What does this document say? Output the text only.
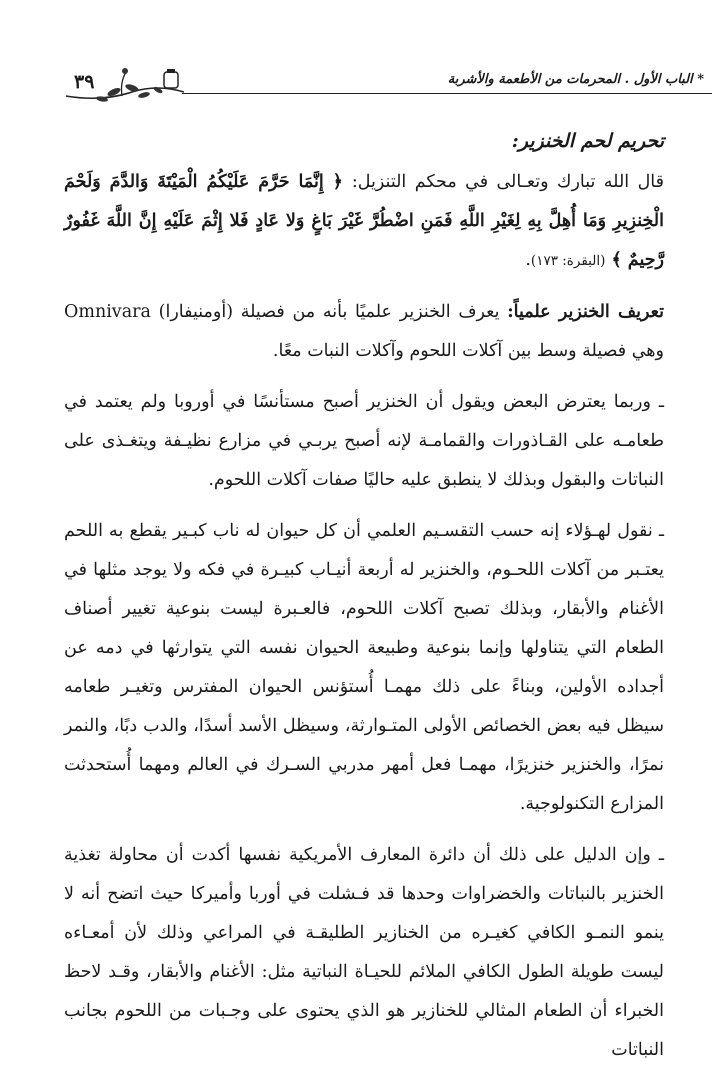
* الباب الأول . المحرمات من الأطعمة والأشربة
٣٩
تحريم لحم الخنزير:

قال الله تبارك وتعـالى في محكم التنزيل: ﴿ إِنَّمَا حَرَّمَ عَلَيْكُمُ الْمَيْتَةَ وَالدَّمَ وَلَحْمَ الْخِنزِيرِ وَمَا أُهِلَّ بِهِ لِغَيْرِ اللَّهِ فَمَنِ اضْطُرَّ غَيْرَ بَاغٍ وَلا عَادٍ فَلا إِثْمَ عَلَيْهِ إِنَّ اللَّهَ غَفُورٌ رَّحِيمٌ ﴾ (البقرة: ١٧٣).

تعريف الخنزير علمياً: يعرف الخنزير علميًا بأنه من فصيلة (أومنيفارا) Omnivara وهي فصيلة وسط بين آكلات اللحوم وآكلات النبات معًا.

ـ وربما يعترض البعض ويقول أن الخنزير أصبح مستأنسًا في أوروبا ولم يعتمد في طعامـه على القـاذورات والقمامـة لإنه أصبح يربـي في مزارع نظيـفة ويتغـذى على النباتات والبقول وبذلك لا ينطبق عليه حاليًا صفات آكلات اللحوم.

ـ نقول لهـؤلاء إنه حسب التقسـيم العلمي أن كل حيوان له ناب كبـير يقطع به اللحم يعتـبر من آكلات اللحـوم، والخنزير له أربعة أنيـاب كبيـرة في فكه ولا يوجد مثلها في الأغنام والأبقار، وبذلك تصبح آكلات اللحوم، فالعـبرة ليست بنوعية تغيير أصناف الطعام التي يتناولها وإنما بنوعية وطبيعة الحيوان نفسه التي يتوارثها في دمه عن أجداده الأولين، وبناءً على ذلك مهمـا أُستؤنس الحيوان المفترس وتغيـر طعامه سيظل فيه بعض الخصائص الأولى المتـوارثة، وسيظل الأسد أسدًا، والدب دبًا، والنمر نمرًا، والخنزير خنزيرًا، مهمـا فعل أمهر مدربي السـرك في العالم ومهما أُستحدثت المزارع التكنولوجية.

ـ وإن الدليل على ذلك أن دائرة المعارف الأمريكية نفسها أكدت أن محاولة تغذية الخنزير بالنباتات والخضراوات وحدها قد فـشلت في أوربا وأميركا حيث اتضح أنه لا ينمو النمـو الكافي كغيـره من الخنازير الطليقـة في المراعي وذلك لأن أمعـاءه ليست طويلة الطول الكافي الملائم للحيـاة النباتية مثل: الأغنام والأبقار، وقـد لاحظ الخبراء أن الطعام المثالي للخنازير هو الذي يحتوى على وجـبات من اللحوم بجانب النباتات
